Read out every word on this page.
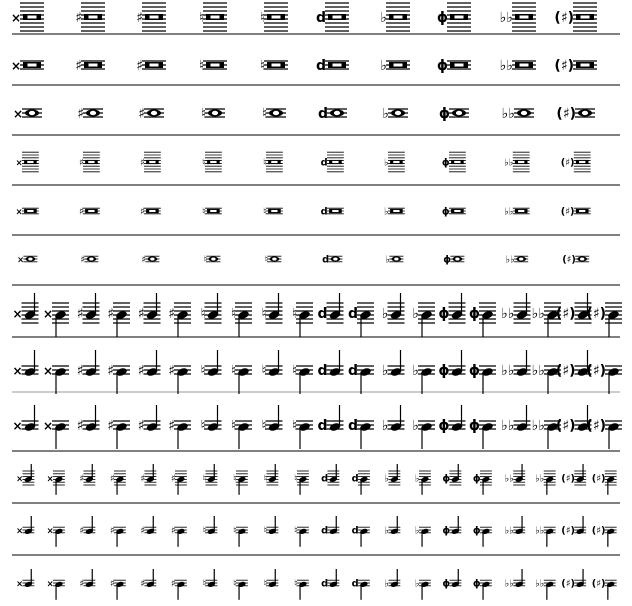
×	♯	♯	♮	♮	d	♭	ɸ	♭♭	(♯)
×	♯	♯	♮	♮	d	♭	ɸ	♭♭	(♯)
×	♯	♯	♮	♮	d	♭	ɸ	♭♭	(♯)
×	♯	♯	♮	♮	d	♭	ɸ	♭♭	(♯)
×	♯	♯	♮	♮	d	♭	ɸ	♭♭	(♯)
×	♯	♯	♮	♮	d	♭	ɸ	♭♭	(♯)
× × ♯ ♯ ♯ ♯ ♮ ♮ ♮ ♮ d d ♭ ♭ ɸ ɸ ♭♭ ♭♭ (♯) (♯)
× × ♯ ♯ ♯ ♯ ♮ ♮ ♮ ♮ d d ♭ ♭ ɸ ɸ ♭♭ ♭♭ (♯) (♯)
× × ♯ ♯ ♯ ♯ ♮ ♮ ♮ ♮ d d ♭ ♭ ɸ ɸ ♭♭ ♭♭ (♯) (♯)
×	×	♯	♯	♯	♯	♮	♮	♮	♮ d d	♭	♭ ɸ ɸ ♭♭ ♭♭ (♯) (♯)
×	×	♯	♯	♯	♯	♮	♮	♮	♮ d d	♭	♭ ɸ ɸ ♭♭ ♭♭ (♯) (♯)
×	×	♯	♯	♯	♯	♮	♮	♮	♮ d d	♭	♭ ɸ ɸ ♭♭ ♭♭ (♯) (♯)
